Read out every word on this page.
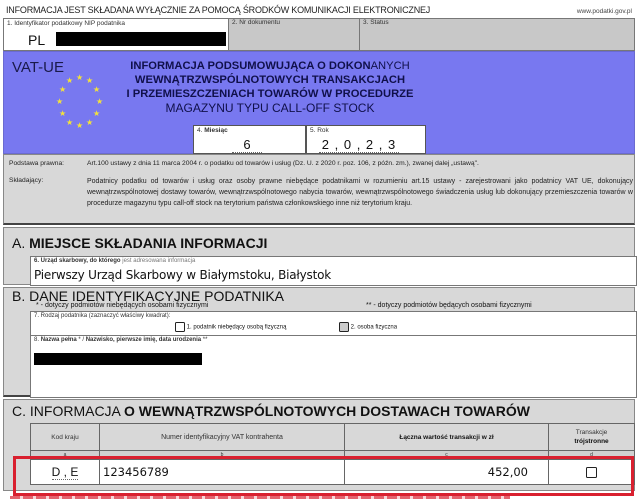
INFORMACJA JEST SKŁADANA WYŁĄCZNIE ZA POMOCĄ ŚRODKÓW KOMUNIKACJI ELEKTRONICZNEJ	www.podatki.gov.pl
1. Identyfikator podatkowy NIP podatnika
PL
2. Nr dokumentu	3. Status
VAT-UE
★ ★
★
★
★
★
★
★
★
★
★ ★
INFORMACJA PODSUMOWUJĄCA O DOKONANYCH
WEWNĄTRZWSPÓLNOTOWYCH TRANSAKCJACH
I PRZEMIESZCZENIACH TOWARÓW W PROCEDURZE
MAGAZYNU TYPU CALL-OFF STOCK
4. Miesiąc
6
5. Rok
2 , 0 , 2 , 3
Podstawa prawna:	Art.100 ustawy z dnia 11 marca 2004 r. o podatku od towarów i usług (Dz. U. z 2020 r. poz. 106, z późn. zm.), zwanej dalej „ustawą".
Składający:	Podatnicy podatku od towarów i usług oraz osoby prawne niebędące podatnikami w rozumieniu art.15 ustawy - zarejestrowani jako podatnicy VAT UE, dokonujący wewnątrzwspólnotowej dostawy towarów, wewnątrzwspólnotowego nabycia towarów, wewnątrzwspólnotowego świadczenia usług lub dokonujący przemieszczenia towarów w procedurze magazynu typu call-off stock na terytorium państwa członkowskiego inne niż terytorium kraju.
A. MIEJSCE SKŁADANIA INFORMACJI
6. Urząd skarbowy, do którego jest adresowana informacja
Pierwszy Urząd Skarbowy w Białymstoku, Białystok
B. DANE IDENTYFIKACYJNE PODATNIKA
* - dotyczy podmiotów niebędących osobami fizycznymi	** - dotyczy podmiotów będących osobami fizycznymi
7. Rodzaj podatnika (zaznaczyć właściwy kwadrat):
1. podatnik niebędący osobą fizyczną	2. osoba fizyczna
8. Nazwa pełna * / Nazwisko, pierwsze imię, data urodzenia **
C. INFORMACJA O WEWNĄTRZWSPÓLNOTOWYCH DOSTAWACH TOWARÓW
Kod kraju	Numer identyfikacyjny VAT kontrahenta	Łączna wartość transakcji w zł	Transakcje
trójstronne
a	b	c	d
D , E	123456789	452,00	
